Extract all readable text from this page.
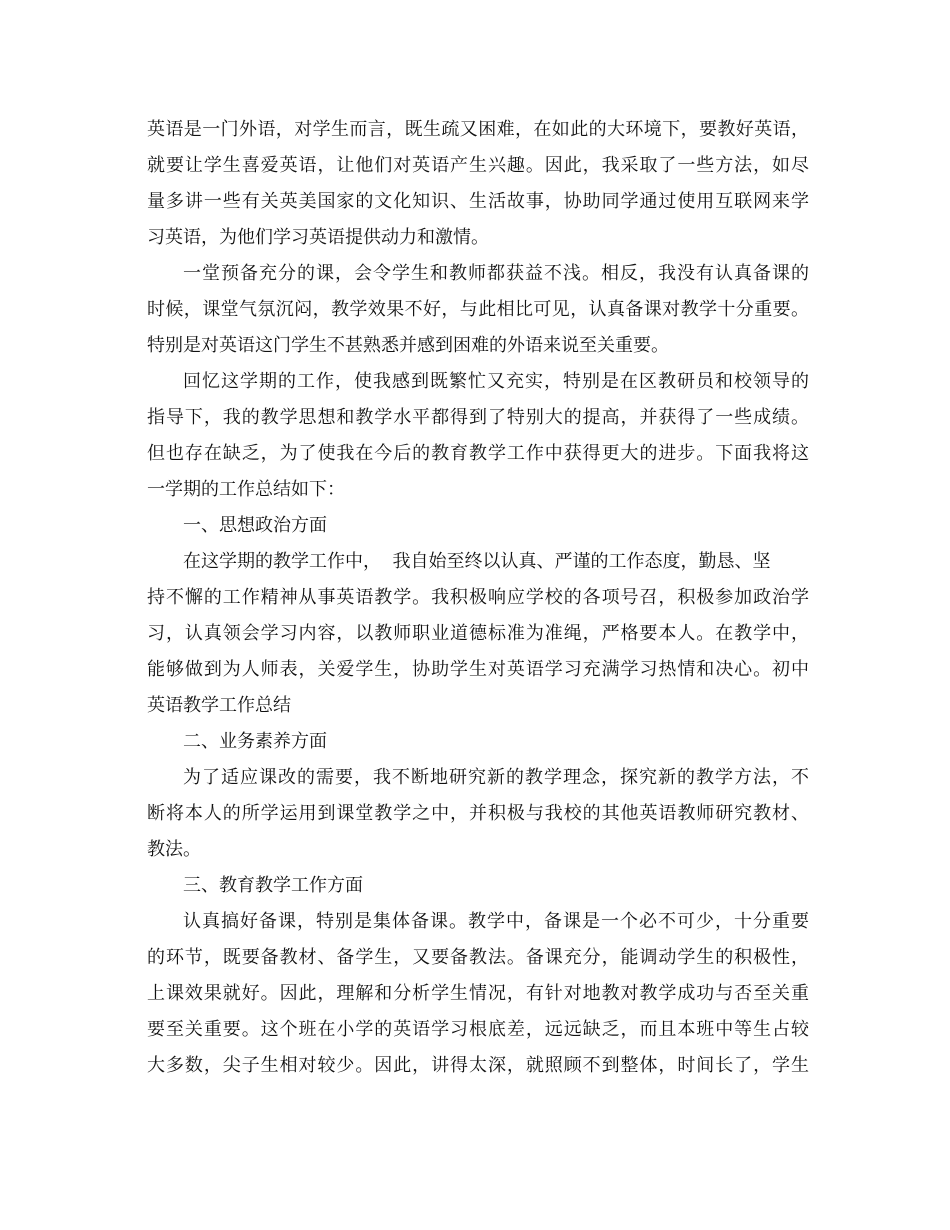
英语是一门外语，对学生而言，既生疏又困难，在如此的大环境下，要教好英语，
就要让学生喜爱英语，让他们对英语产生兴趣。因此，我采取了一些方法，如尽
量多讲一些有关英美国家的文化知识、生活故事，协助同学通过使用互联网来学
习英语，为他们学习英语提供动力和激情。
一堂预备充分的课，会令学生和教师都获益不浅。相反，我没有认真备课的
时候，课堂气氛沉闷，教学效果不好，与此相比可见，认真备课对教学十分重要。
特别是对英语这门学生不甚熟悉并感到困难的外语来说至关重要。
回忆这学期的工作，使我感到既繁忙又充实，特别是在区教研员和校领导的
指导下，我的教学思想和教学水平都得到了特别大的提高，并获得了一些成绩。
但也存在缺乏，为了使我在今后的教育教学工作中获得更大的进步。下面我将这
一学期的工作总结如下：
一、思想政治方面
在这学期的教学工作中，  我自始至终以认真、严谨的工作态度，勤恳、坚
持不懈的工作精神从事英语教学。我积极响应学校的各项号召，积极参加政治学
习，认真领会学习内容，以教师职业道德标准为准绳，严格要本人。在教学中，
能够做到为人师表，关爱学生，协助学生对英语学习充满学习热情和决心。初中
英语教学工作总结
二、业务素养方面
为了适应课改的需要，我不断地研究新的教学理念，探究新的教学方法，不
断将本人的所学运用到课堂教学之中，并积极与我校的其他英语教师研究教材、
教法。
三、教育教学工作方面
认真搞好备课，特别是集体备课。教学中，备课是一个必不可少，十分重要
的环节，既要备教材、备学生，又要备教法。备课充分，能调动学生的积极性，
上课效果就好。因此，理解和分析学生情况，有针对地教对教学成功与否至关重
要至关重要。这个班在小学的英语学习根底差，远远缺乏，而且本班中等生占较
大多数，尖子生相对较少。因此，讲得太深，就照顾不到整体，时间长了，学生
